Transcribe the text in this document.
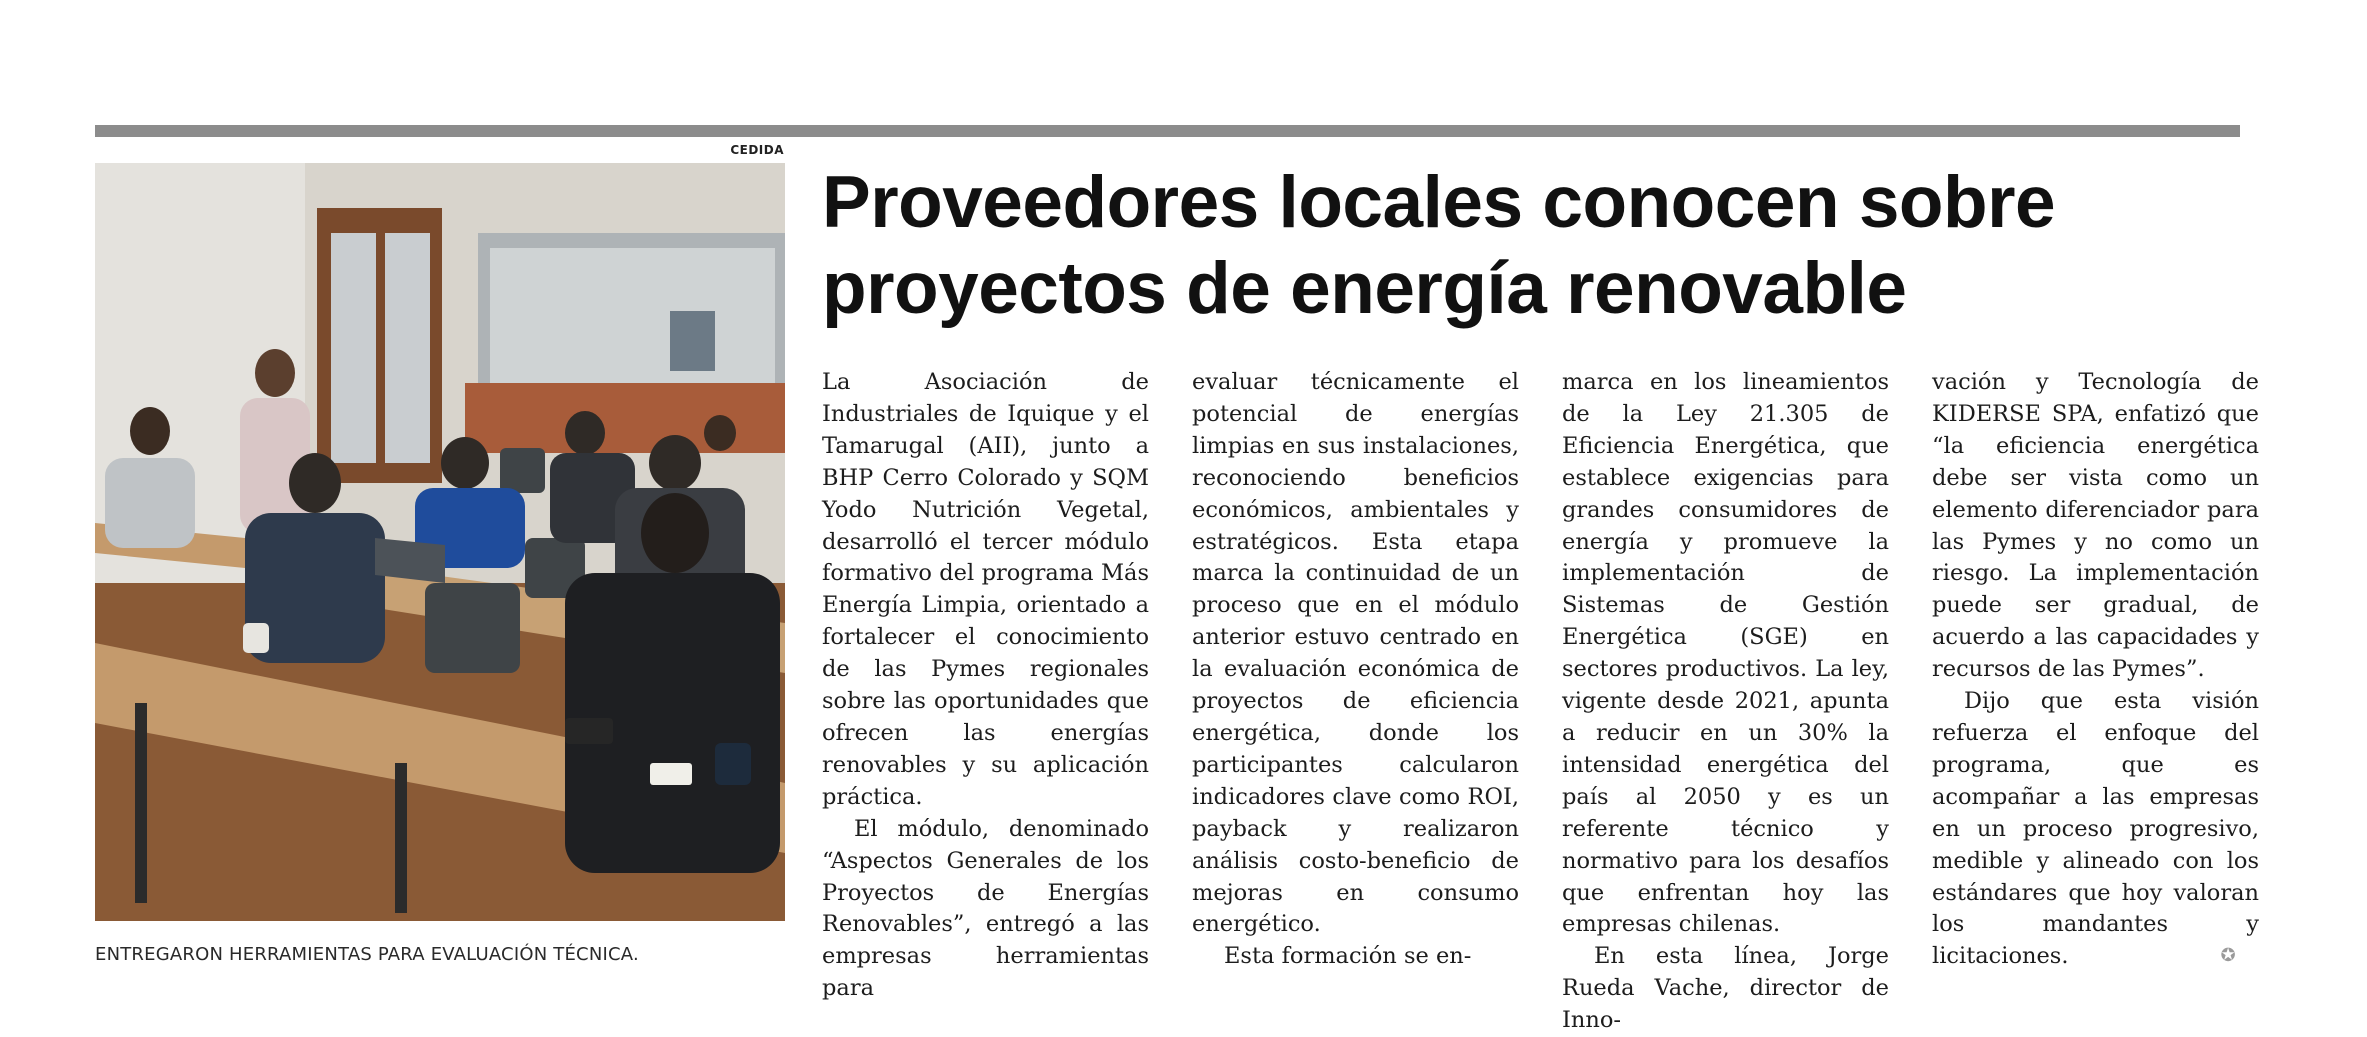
CEDIDA
ENTREGARON HERRAMIENTAS PARA EVALUACIÓN TÉCNICA.
Proveedores locales conocen sobre
proyectos de energía renovable

La Asociación de Industriales de Iquique y el Tamarugal (AII), junto a BHP Cerro Colorado y SQM Yodo Nutrición Vegetal, desarrolló el tercer módulo formativo del programa Más Energía Limpia, orientado a fortalecer el conocimiento de las Pymes regionales sobre las oportunidades que ofrecen las energías renovables y su aplicación práctica.

El módulo, denominado “Aspectos Generales de los Proyectos de Energías Renovables”, entregó a las empresas herramientas para

evaluar técnicamente el potencial de energías limpias en sus instalaciones, reconociendo beneficios económicos, ambientales y estratégicos. Esta etapa marca la continuidad de un proceso que en el módulo anterior estuvo centrado en la evaluación económica de proyectos de eficiencia energética, donde los participantes calcularon indicadores clave como ROI, payback y realizaron análisis costo-beneficio de mejoras en consumo energético.

Esta formación se en-

marca en los lineamientos de la Ley 21.305 de Eficiencia Energética, que establece exigencias para grandes consumidores de energía y promueve la implementación de Sistemas de Gestión Energética (SGE) en sectores productivos. La ley, vigente desde 2021, apunta a reducir en un 30% la intensidad energética del país al 2050 y es un referente técnico y normativo para los desafíos que enfrentan hoy las empresas chilenas.

En esta línea, Jorge Rueda Vache, director de Inno-

vación y Tecnología de KIDERSE SPA, enfatizó que “la eficiencia energética debe ser vista como un elemento diferenciador para las Pymes y no como un riesgo. La implementación puede ser gradual, de acuerdo a las capacidades y recursos de las Pymes”.

Dijo que esta visión refuerza el enfoque del programa, que es acompañar a las empresas en un proceso progresivo, medible y alineado con los estándares que hoy valoran los mandantes y licitaciones.	✪
